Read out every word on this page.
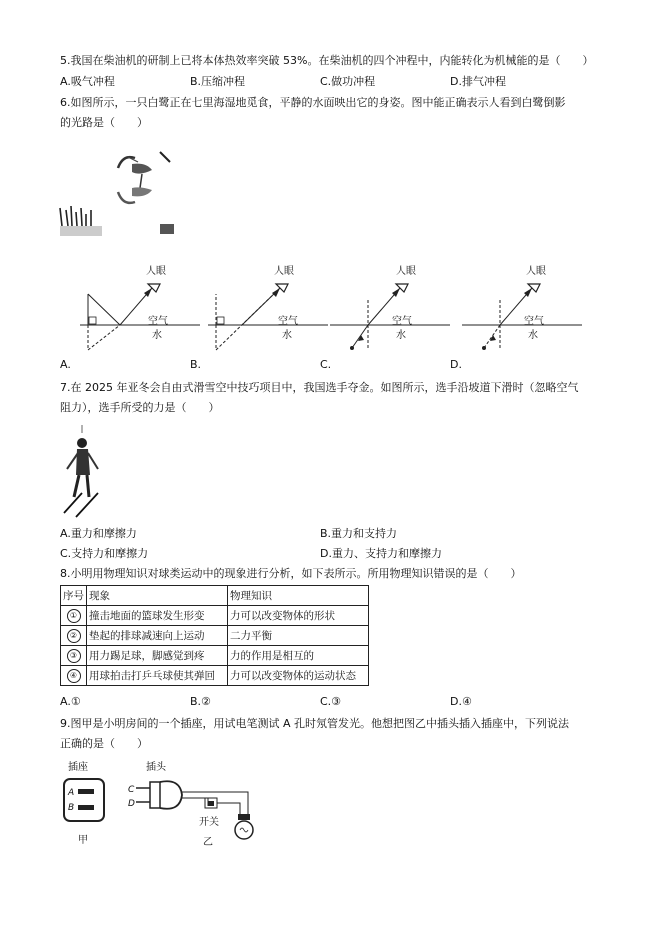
5.我国在柴油机的研制上已将本体热效率突破 53%。在柴油机的四个冲程中，内能转化为机械能的是（　　）
A.吸气冲程	B.压缩冲程	C.做功冲程	D.排气冲程
6.如图所示，一只白鹭正在七里海湿地觅食，平静的水面映出它的身姿。图中能正确表示人看到白鹭倒影
的光路是（　　）
人眼
空气
水
A.
人眼
空气
水
B.
人眼
空气
水
C.
人眼
空气
水
D.
7.在 2025 年亚冬会自由式滑雪空中技巧项目中，我国选手夺金。如图所示，选手沿坡道下滑时（忽略空气
阻力），选手所受的力是（　　）
A.重力和摩擦力	B.重力和支持力
C.支持力和摩擦力	D.重力、支持力和摩擦力
8.小明用物理知识对球类运动中的现象进行分析，如下表所示。所用物理知识错误的是（　　）
序号	现象	物理知识
①	撞击地面的篮球发生形变	力可以改变物体的形状
②	垫起的排球减速向上运动	二力平衡
③	用力踢足球，脚感觉到疼	力的作用是相互的
④	用球拍击打乒乓球使其弹回	力可以改变物体的运动状态
A.①	B.②	C.③	D.④
9.图甲是小明房间的一个插座，用试电笔测试 A 孔时氖管发光。他想把图乙中插头插入插座中，下列说法
正确的是（　　）
插座
A
B
甲
插头
C
D
开关
乙
